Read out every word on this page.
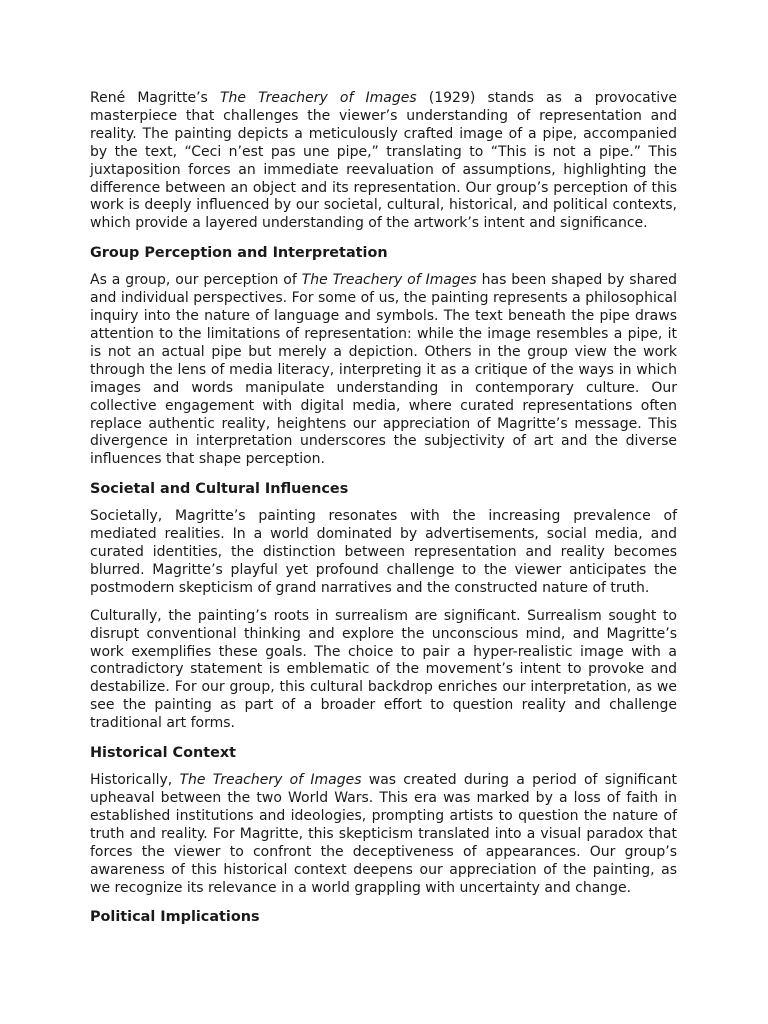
René Magritte’s The Treachery of Images (1929) stands as a provocative masterpiece that challenges the viewer’s understanding of representation and reality. The painting depicts a meticulously crafted image of a pipe, accompanied by the text, “Ceci n’est pas une pipe,” translating to “This is not a pipe.” This juxtaposition forces an immediate reevaluation of assumptions, highlighting the difference between an object and its representation. Our group’s perception of this work is deeply influenced by our societal, cultural, historical, and political contexts, which provide a layered understanding of the artwork’s intent and significance.

Group Perception and Interpretation

As a group, our perception of The Treachery of Images has been shaped by shared and individual perspectives. For some of us, the painting represents a philosophical inquiry into the nature of language and symbols. The text beneath the pipe draws attention to the limitations of representation: while the image resembles a pipe, it is not an actual pipe but merely a depiction. Others in the group view the work through the lens of media literacy, interpreting it as a critique of the ways in which images and words manipulate understanding in contemporary culture. Our collective engagement with digital media, where curated representations often replace authentic reality, heightens our appreciation of Magritte’s message. This divergence in interpretation underscores the subjectivity of art and the diverse influences that shape perception.

Societal and Cultural Influences

Societally, Magritte’s painting resonates with the increasing prevalence of mediated realities. In a world dominated by advertisements, social media, and curated identities, the distinction between representation and reality becomes blurred. Magritte’s playful yet profound challenge to the viewer anticipates the postmodern skepticism of grand narratives and the constructed nature of truth.

Culturally, the painting’s roots in surrealism are significant. Surrealism sought to disrupt conventional thinking and explore the unconscious mind, and Magritte’s work exemplifies these goals. The choice to pair a hyper-realistic image with a contradictory statement is emblematic of the movement’s intent to provoke and destabilize. For our group, this cultural backdrop enriches our interpretation, as we see the painting as part of a broader effort to question reality and challenge traditional art forms.

Historical Context

Historically, The Treachery of Images was created during a period of significant upheaval between the two World Wars. This era was marked by a loss of faith in established institutions and ideologies, prompting artists to question the nature of truth and reality. For Magritte, this skepticism translated into a visual paradox that forces the viewer to confront the deceptiveness of appearances. Our group’s awareness of this historical context deepens our appreciation of the painting, as we recognize its relevance in a world grappling with uncertainty and change.

Political Implications
